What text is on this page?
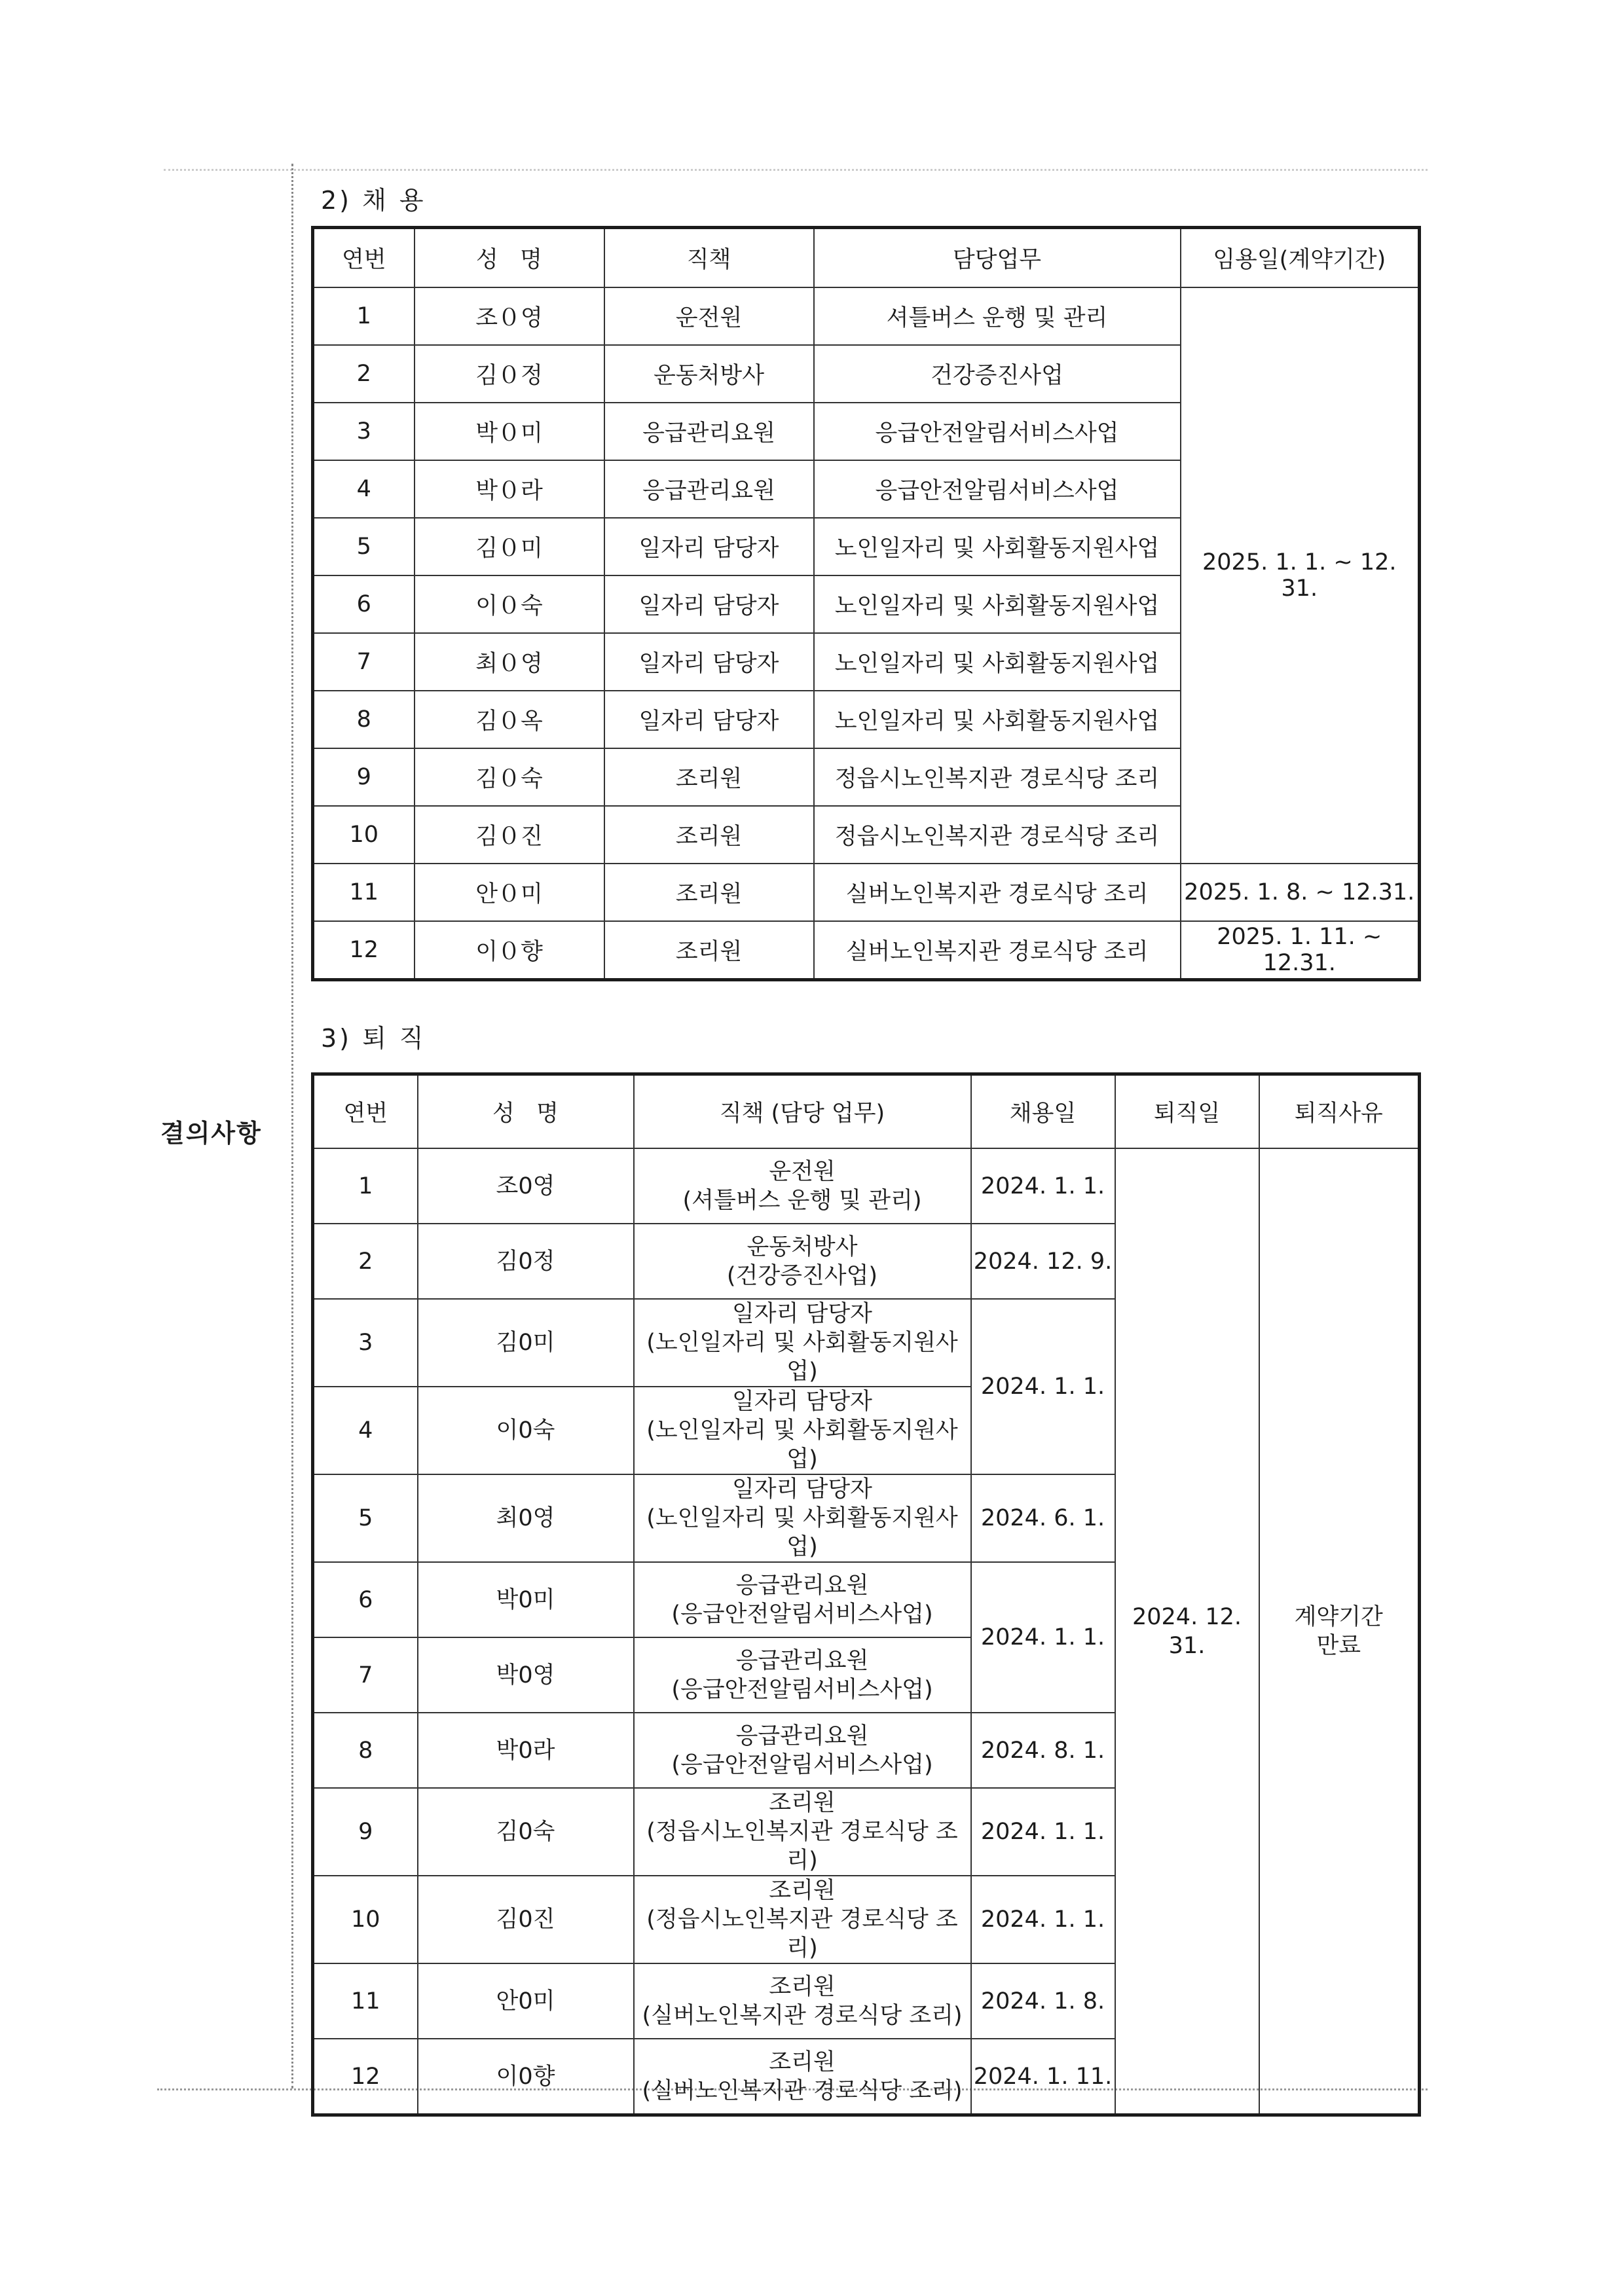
결의사항
2) 채 용
연번	성   명	직책	담당업무	임용일(계약기간)
1	조０영	운전원	셔틀버스 운행 및 관리	2025. 1. 1. ~ 12. 31.
2	김０정	운동처방사	건강증진사업	
3	박０미	응급관리요원	응급안전알림서비스사업	
4	박０라	응급관리요원	응급안전알림서비스사업	
5	김０미	일자리 담당자	노인일자리 및 사회활동지원사업	
6	이０숙	일자리 담당자	노인일자리 및 사회활동지원사업	
7	최０영	일자리 담당자	노인일자리 및 사회활동지원사업	
8	김０옥	일자리 담당자	노인일자리 및 사회활동지원사업	
9	김０숙	조리원	정읍시노인복지관 경로식당 조리	
10	김０진	조리원	정읍시노인복지관 경로식당 조리	
11	안０미	조리원	실버노인복지관 경로식당 조리	2025. 1. 8. ~ 12.31.
12	이０향	조리원	실버노인복지관 경로식당 조리	2025. 1. 11. ~ 12.31.
3) 퇴 직
연번	성   명	직책 (담당 업무)	채용일	퇴직일	퇴직사유
1	조0영	운전원
(셔틀버스 운행 및 관리)	2024. 1. 1.	2024. 12. 31.	계약기간
만료

2	김0정	운동처방사
(건강증진사업)	2024. 12. 9.		
3	김0미	일자리 담당자
(노인일자리 및 사회활동지원사업)	2024. 1. 1.		
4	이0숙	일자리 담당자
(노인일자리 및 사회활동지원사업)			

5	최0영	일자리 담당자
(노인일자리 및 사회활동지원사업)	2024. 6. 1.		
6	박0미	응급관리요원
(응급안전알림서비스사업)	2024. 1. 1.		
7	박0영	응급관리요원
(응급안전알림서비스사업)			

8	박0라	응급관리요원
(응급안전알림서비스사업)	2024. 8. 1.		
9	김0숙	조리원
(정읍시노인복지관 경로식당 조리)	2024. 1. 1.		
10	김0진	조리원
(정읍시노인복지관 경로식당 조리)	2024. 1. 1.		
11	안0미	조리원
(실버노인복지관 경로식당 조리)	2024. 1. 8.		
12	이0향	조리원
(실버노인복지관 경로식당 조리)	2024. 1. 11.		
